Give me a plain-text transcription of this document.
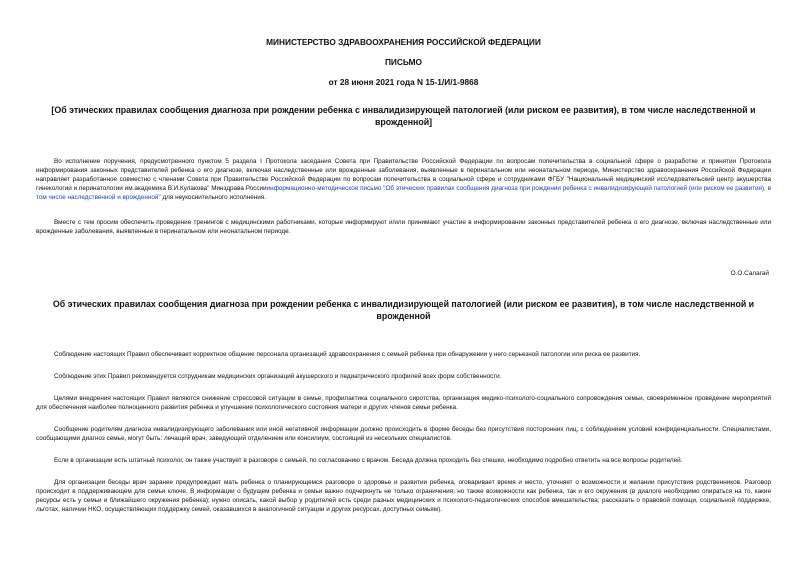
МИНИСТЕРСТВО ЗДРАВООХРАНЕНИЯ РОССИЙСКОЙ ФЕДЕРАЦИИ
ПИСЬМО
от 28 июня 2021 года N 15-1/И/1-9868
[Об этических правилах сообщения диагноза при рождении ребенка с инвалидизирующей патологией (или риском ее развития), в том числе наследственной и врожденной]
Во исполнение поручения, предусмотренного пунктом 5 раздела I Протокола заседания Совета при Правительстве Российской Федерации по вопросам попечительства в социальной сфере о разработке и принятии Протокола информирования законных представителей ребенка о его диагнозе, включая наследственные или врожденные заболевания, выявленные в перинатальном или неонатальном периоде, Министерство здравоохранения Российской Федерации направляет разработанное совместно с членами Совета при Правительстве Российской Федерации по вопросам попечительства в социальной сфере и сотрудниками ФГБУ "Национальный медицинский исследовательский центр акушерства гинекологии и перинатологии им.академика В.И.Кулакова" Минздрава Россииинформационно-методическое письмо "Об этических правилах сообщения диагноза при рождении ребенка с инвалидизирующей патологией (или риском ее развития), в том числе наследственной и врожденной" для неукоснительного исполнения.
Вместе с тем просим обеспечить проведение тренингов с медицинскими работниками, которые информируют и/или принимают участие в информировании законных представителей ребенка о его диагнозе, включая наследственные или врожденные заболевания, выявленные в перинатальном или неонатальном периоде.
О.О.Салагай
Об этических правилах сообщения диагноза при рождении ребенка с инвалидизирующей патологией (или риском ее развития), в том числе наследственной и врожденной
Соблюдение настоящих Правил обеспечивает корректное общение персонала организаций здравоохранения с семьей ребенка при обнаружении у него серьезной патологии или риска ее развития.
Соблюдение этих Правил рекомендуется сотрудникам медицинских организаций акушерского и педиатрического профилей всех форм собственности.
Целями внедрения настоящих Правил являются снижение стрессовой ситуации в семье, профилактика социального сиротства, организация медико-психолого-социального сопровождения семьи, своевременное проведение мероприятий для обеспечения наиболее полноценного развития ребенка и улучшение психологического состояния матери и других членов семьи ребенка.
Сообщение родителям диагноза инвалидизирующего заболевания или иной негативной информации должно происходить в форме беседы без присутствия посторонних лиц, с соблюдением условий конфиденциальности. Специалистами, сообщающими диагноз семье, могут быть: лечащий врач, заведующий отделением или консилиум, состоящий из нескольких специалистов.
Если в организации есть штатный психолог, он также участвует в разговоре с семьей, по согласованию с врачом. Беседа должна проходить без спешки, необходимо подробно ответить на все вопросы родителей.
Для организации беседы врач заранее предупреждает мать ребенка о планирующемся разговоре о здоровье и развитии ребенка, оговаривает время и место, уточняет о возможности и желании присутствия родственников. Разговор происходит в поддерживающем для семьи ключе. В информации о будущем ребенка и семьи важно подчеркнуть не только ограничения, но также возможности как ребенка, так и его окружения (в диалоге необходимо опираться на то, какие ресурсы есть у семьи и ближайшего окружения ребенка); нужно описать, какой выбор у родителей есть среди разных медицинских и психолого-педагогических способов вмешательства; рассказать о правовой помощи, социальной поддержке, льготах, наличии НКО, осуществляющих поддержку семей, оказавшихся в аналогичной ситуации и других ресурсах, доступных семьям).
